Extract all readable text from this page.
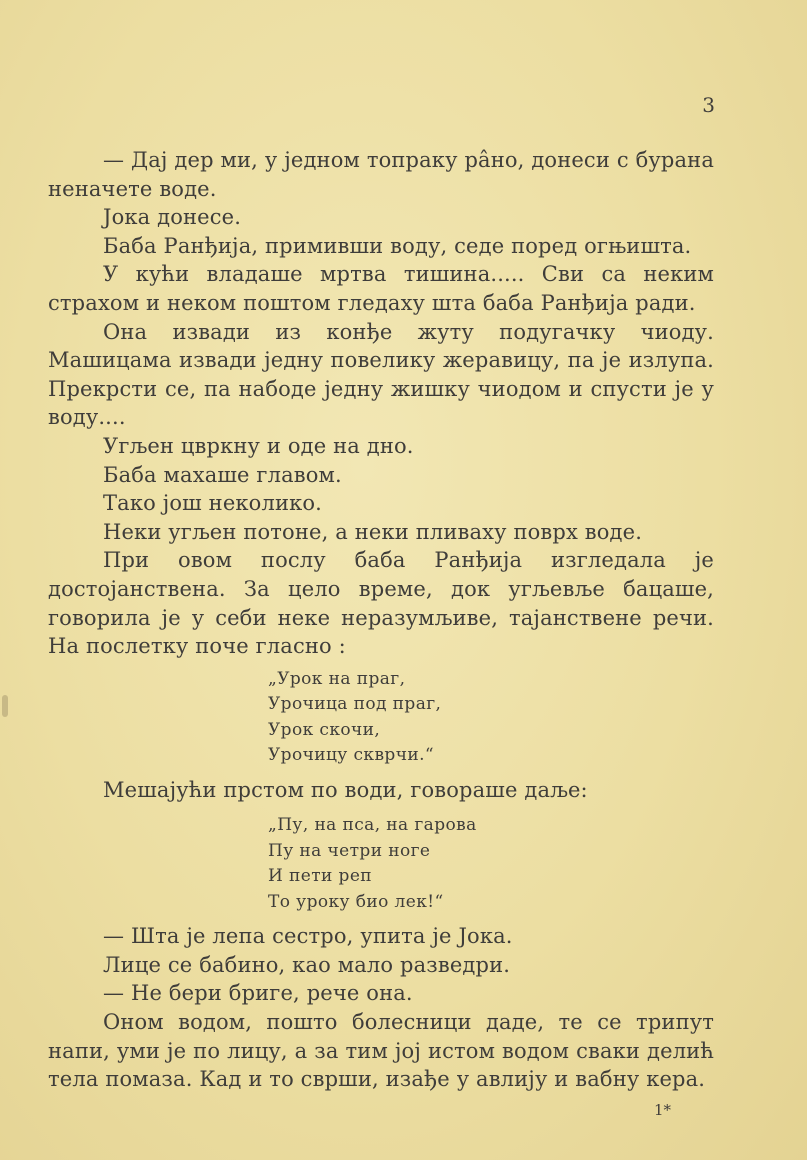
3

— Дај дер ми, у једном топраку ра̂но, донеси с бурана неначете воде.

Јока донесе.

Баба Ранђија, примивши воду, седе поред огњишта.

У кући владаше мртва тишина..... Сви са неким страхом и неком поштом гледаху шта баба Ранђија ради.

Она извади из конђе жуту подугачку чиоду. Машицама извади једну повелику жеравицу, па је излупа. Прекрсти се, па набоде једну жишку чиодом и спусти је у воду....

Угљен цвркну и оде на дно.

Баба махаше главом.

Тако још неколико.

Неки угљен потоне, а неки пливаху поврх воде.

При овом послу баба Ранђија изгледала је достојанствена. За цело време, док угљевље бацаше, говорила је у себи неке неразумљиве, тајанствене речи. На послетку поче гласно :

„Урок на праг,
Урочица под праг,
Урок скочи,
Урочицу скврчи.“

Мешајући прстом по води, говораше даље:

„Пу, на пса, на гарова
Пу на четри ноге
И пети реп
То уроку био лек!“

— Шта је лепа сестро, упита је Јока.

Лице се бабино, као мало разведри.

— Не бери бриге, рече она.

Оном водом, пошто болесници даде, те се трипут напи, уми је по лицу, а за тим јој истом водом сваки делић тела помаза. Кад и то сврши, изађе у авлију и вабну кера.

1*
